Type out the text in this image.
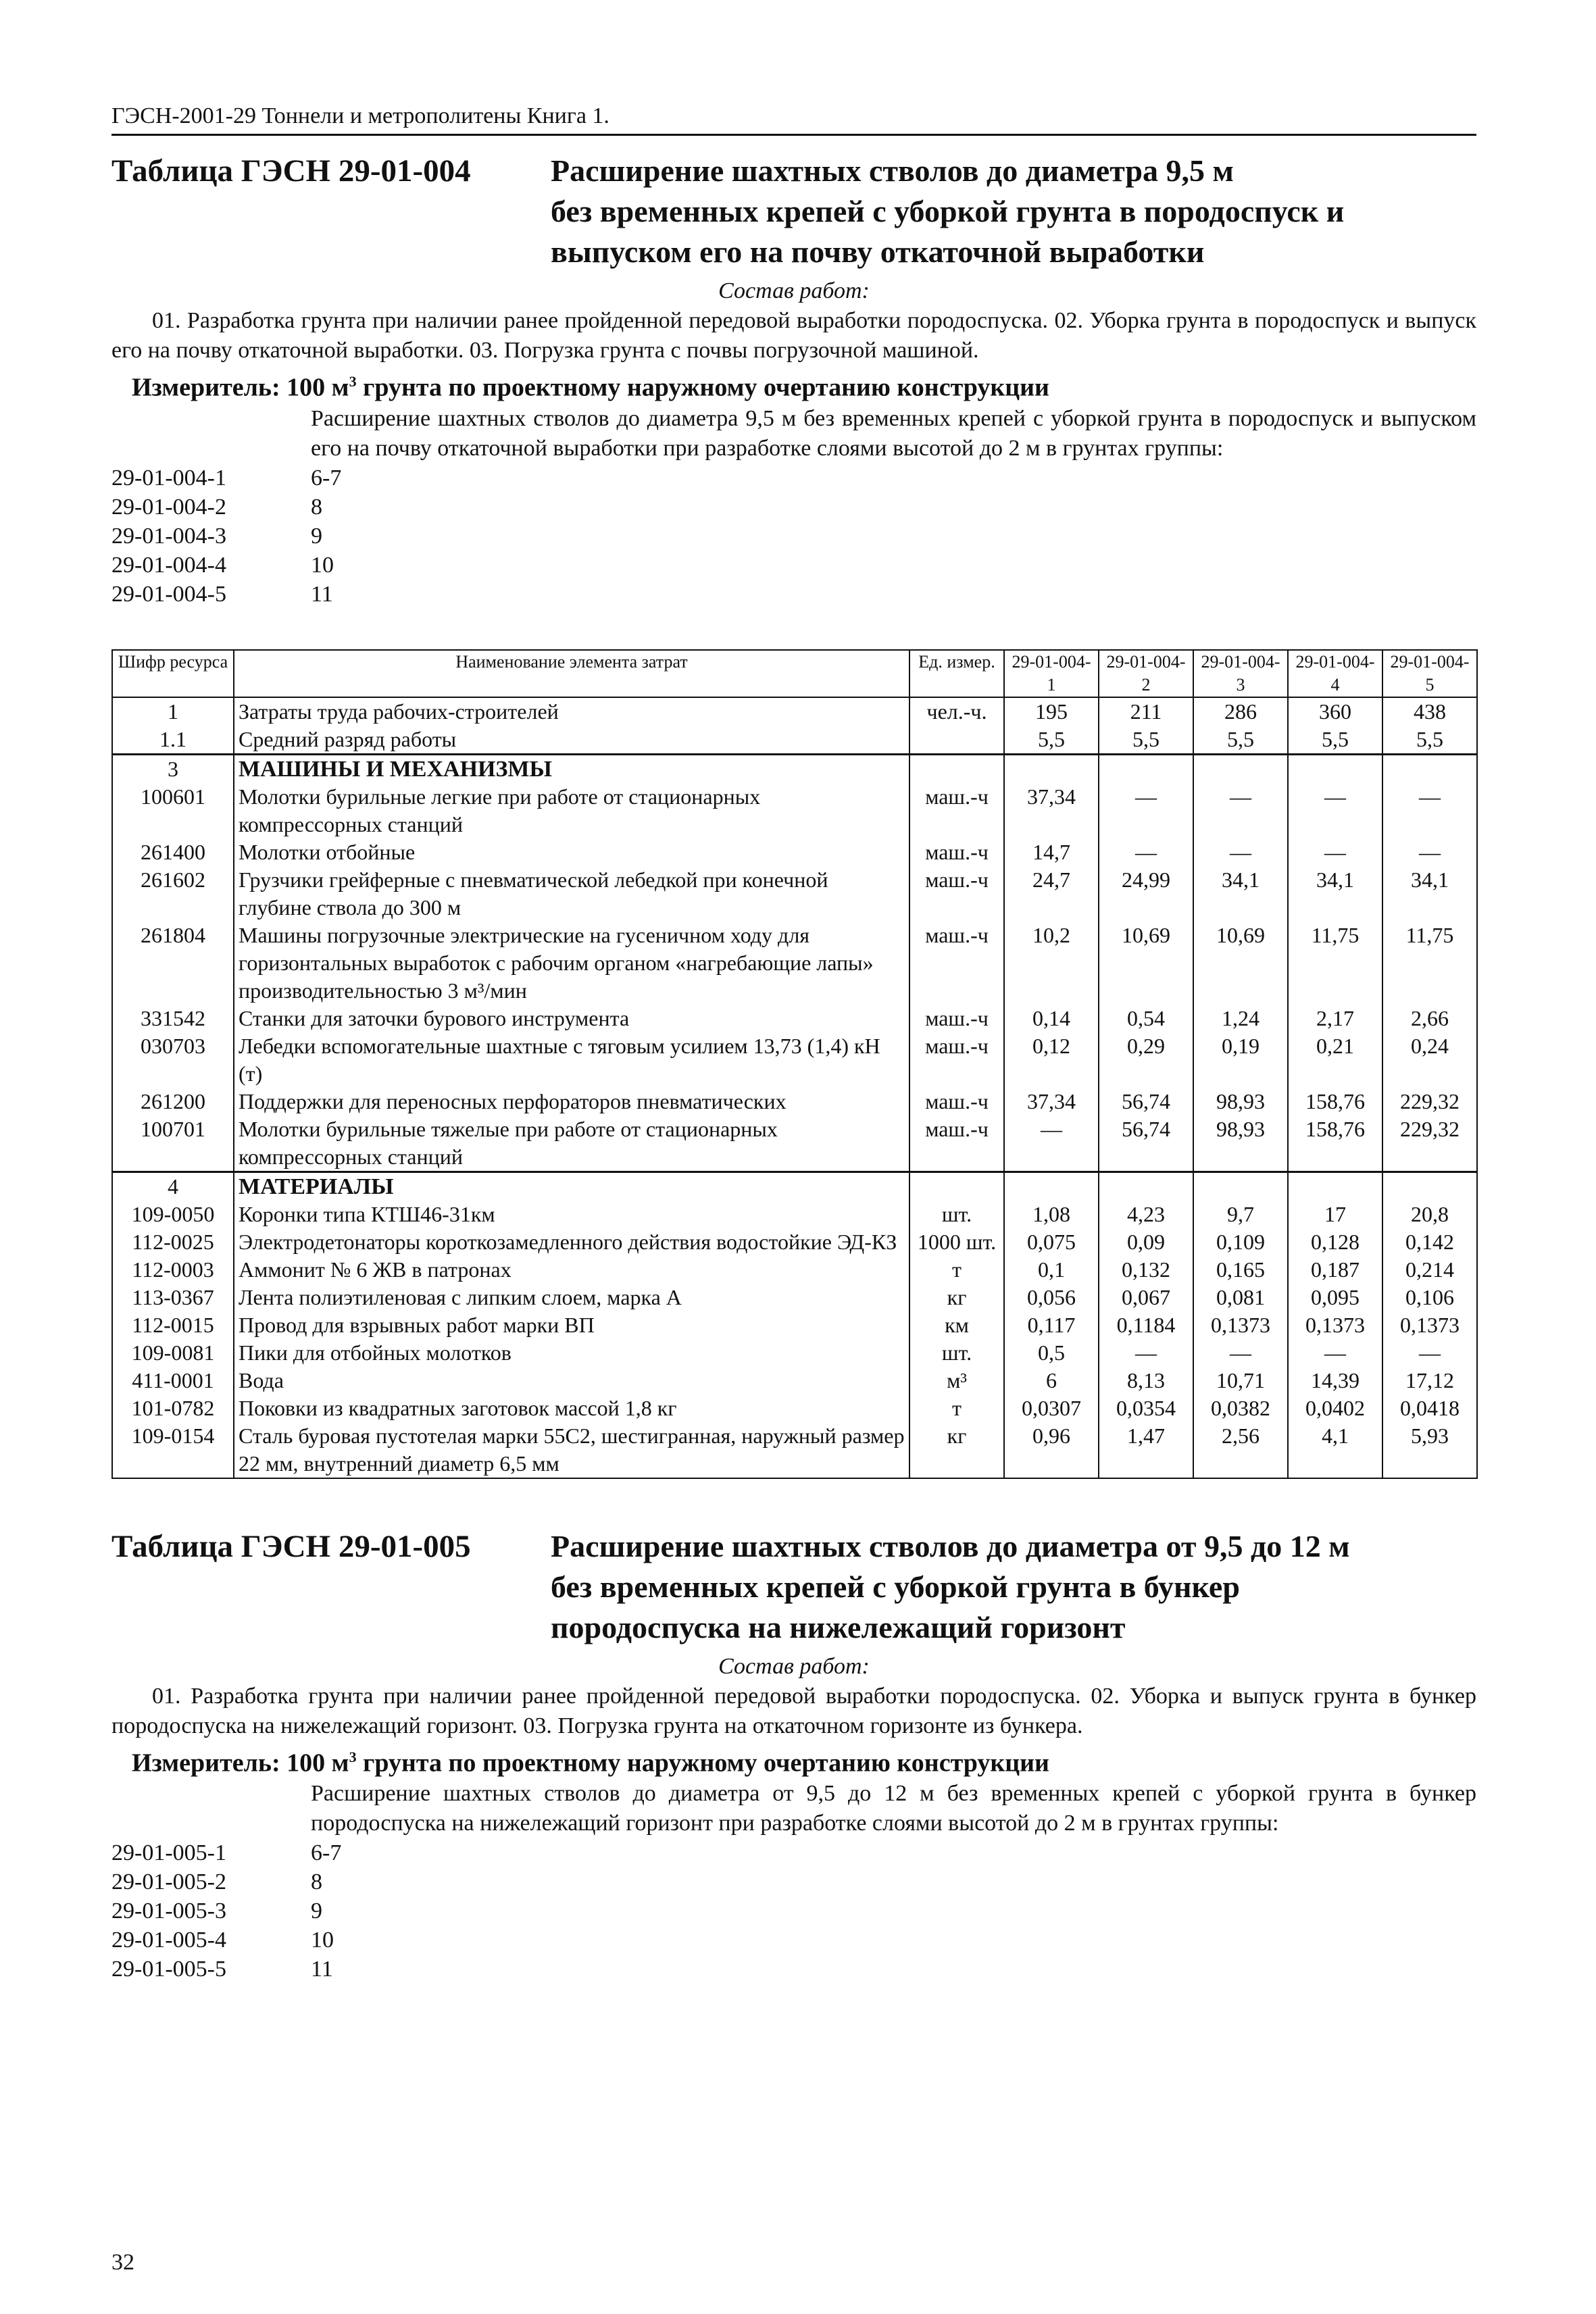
ГЭСН-2001-29 Тоннели и метрополитены Книга 1.
Таблица ГЭСН 29-01-004	Расширение шахтных стволов до диаметра 9,5 м
без временных крепей с уборкой грунта в породоспуск и
выпуском его на почву откаточной выработки
Состав работ:
01. Разработка грунта при наличии ранее пройденной передовой выработки породоспуска. 02. Уборка грунта в породоспуск и выпуск его на почву откаточной выработки. 03. Погрузка грунта с почвы погрузочной машиной.
Измеритель: 100 $м^3$ грунта по проектному наружному очертанию конструкции
Расширение шахтных стволов до диаметра 9,5 м без временных крепей с уборкой грунта в породоспуск и выпуском его на почву откаточной выработки при разработке слоями высотой до 2 м в грунтах группы:
29-01-004-1	6-7
29-01-004-2	8
29-01-004-3	9
29-01-004-4	10
29-01-004-5	11
Шифр ресурса	Наименование элемента затрат	Ед. измер.	29-01-004-1	29-01-004-2	29-01-004-3	29-01-004-4	29-01-004-5
1	Затраты труда рабочих-строителей	чел.-ч.	195	211	286	360	438
1.1	Средний разряд работы		5,5	5,5	5,5	5,5	5,5
3	МАШИНЫ И МЕХАНИЗМЫ						
100601	Молотки бурильные легкие при работе от стационарных компрессорных станций	маш.-ч	37,34	—	—	—	—
261400	Молотки отбойные	маш.-ч	14,7	—	—	—	—
261602	Грузчики грейферные с пневматической лебедкой при конечной глубине ствола до 300 м	маш.-ч	24,7	24,99	34,1	34,1	34,1
261804	Машины погрузочные электрические на гусеничном ходу для горизонтальных выработок с рабочим органом «нагребающие лапы» производительностью 3 м³/мин	маш.-ч	10,2	10,69	10,69	11,75	11,75
331542	Станки для заточки бурового инструмента	маш.-ч	0,14	0,54	1,24	2,17	2,66
030703	Лебедки вспомогательные шахтные с тяговым усилием 13,73 (1,4) кН (т)	маш.-ч	0,12	0,29	0,19	0,21	0,24
261200	Поддержки для переносных перфораторов пневматических	маш.-ч	37,34	56,74	98,93	158,76	229,32
100701	Молотки бурильные тяжелые при работе от стационарных компрессорных станций	маш.-ч	—	56,74	98,93	158,76	229,32
4	МАТЕРИАЛЫ						
109-0050	Коронки типа КТШ46-31км	шт.	1,08	4,23	9,7	17	20,8
112-0025	Электродетонаторы короткозамедленного действия водостойкие ЭД-КЗ	1000 шт.	0,075	0,09	0,109	0,128	0,142
112-0003	Аммонит № 6 ЖВ в патронах	т	0,1	0,132	0,165	0,187	0,214
113-0367	Лента полиэтиленовая с липким слоем, марка А	кг	0,056	0,067	0,081	0,095	0,106
112-0015	Провод для взрывных работ марки ВП	км	0,117	0,1184	0,1373	0,1373	0,1373
109-0081	Пики для отбойных молотков	шт.	0,5	—	—	—	—
411-0001	Вода	м³	6	8,13	10,71	14,39	17,12
101-0782	Поковки из квадратных заготовок массой 1,8 кг	т	0,0307	0,0354	0,0382	0,0402	0,0418
109-0154	Сталь буровая пустотелая марки 55С2, шестигранная, наружный размер 22 мм, внутренний диаметр 6,5 мм	кг	0,96	1,47	2,56	4,1	5,93
Таблица ГЭСН 29-01-005	Расширение шахтных стволов до диаметра от 9,5 до 12 м
без временных крепей с уборкой грунта в бункер
породоспуска на нижележащий горизонт
Состав работ:
01. Разработка грунта при наличии ранее пройденной передовой выработки породоспуска. 02. Уборка и выпуск грунта в бункер породоспуска на нижележащий горизонт. 03. Погрузка грунта на откаточном горизонте из бункера.
Измеритель: 100 $м^3$ грунта по проектному наружному очертанию конструкции
Расширение шахтных стволов до диаметра от 9,5 до 12 м без временных крепей с уборкой грунта в бункер породоспуска на нижележащий горизонт при разработке слоями высотой до 2 м в грунтах группы:
29-01-005-1	6-7
29-01-005-2	8
29-01-005-3	9
29-01-005-4	10
29-01-005-5	11
32
